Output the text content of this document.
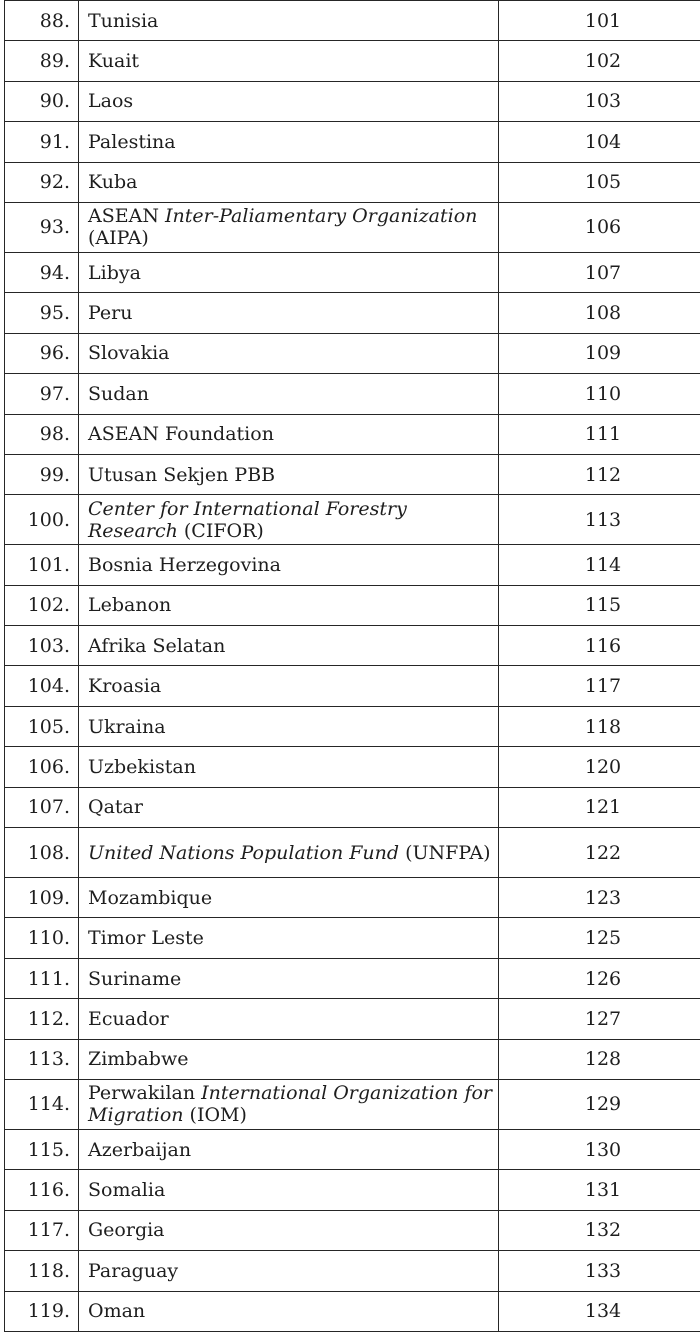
88.	Tunisia	101
89.	Kuait	102
90.	Laos	103
91.	Palestina	104
92.	Kuba	105
93.	ASEAN Inter-Paliamentary Organization (AIPA)	106
94.	Libya	107
95.	Peru	108
96.	Slovakia	109
97.	Sudan	110
98.	ASEAN Foundation	111
99.	Utusan Sekjen PBB	112
100.	Center for International Forestry Research (CIFOR)	113
101.	Bosnia Herzegovina	114
102.	Lebanon	115
103.	Afrika Selatan	116
104.	Kroasia	117
105.	Ukraina	118
106.	Uzbekistan	120
107.	Qatar	121
108.	United Nations Population Fund (UNFPA)	122
109.	Mozambique	123
110.	Timor Leste	125
111.	Suriname	126
112.	Ecuador	127
113.	Zimbabwe	128
114.	Perwakilan International Organization for Migration (IOM)	129
115.	Azerbaijan	130
116.	Somalia	131
117.	Georgia	132
118.	Paraguay	133
119.	Oman	134
